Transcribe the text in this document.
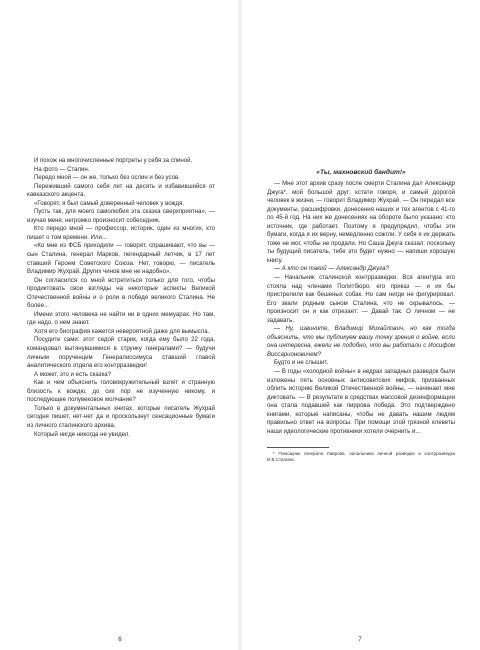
И похож на многочисленные портреты у себя за спиной.

На фото — Сталин.

Передо мной — он же, только без ослин и без усов.

Переживший самого себя лет на десять и избавившийся от кавказского акцента.

«Говорят, я был самый доверенный человек у вождя.

Пусть так, для моего самолюбия эта сказка сверхприятна», — изучая меня, негромко произносит собеседник.

Кто передо мной — профессор, историк, один из многих, кто пишет о том времени. Или...

«Ко мне из ФСБ приходили — говорят, спрашивают, что вы — сын Сталина, генерал Марков, легендарный летчик, в 17 лет ставший Героем Советского Союза. Нет, говорю, — писатель Владимир Жухрай. Других чинов мне не надобно».

Он согласился со мной встретиться только для того, чтобы продиктовать свои взгляды на некоторые аспекты Великой Отечественной войны и о роли в победе великого Сталина. Не более...

Имени этого человека не найти ни в одних мемуарах. Но там, где надо, о нем знают.

Хотя его биография кажется невероятной даже для вымысла.

Посудите сами: этот седой старик, когда ему было 22 года, командовал вытянувшимися в струнку генералами? — будучи личным порученцем Генералиссимуса ставший главой аналитического отдела его контрразведки!

А может, это и есть сказка?

Как и чем объяснить головокружительный взлет и странную близость к вождю, до сих пор не изученную никому, и последующее полувековое молчание?

Только в документальных книгах, которые писатель Жухрай сегодня пишет, нет-нет да и проскользнут сенсационные бумаги из личного сталинского архива.

Который нигде никогда не увидел.

6

«Ты, махновский бандит!»

— Мне этот архив сразу после смерти Сталина дал Александр Джуга*, мой большой друг; кстати говоря, и самый дорогой человек в жизни, — говорит Владимир Жухрай. — Он передал все документы, расшифровки, донесения наших и тех агентов с 41-го по 45-й год. На них же донесениях на обороте было указано: кто источник, где работает. Поэтому я предупредил, чтобы эти бумаги, когда я их верну, немедленно сожгли. У себя я их держать тоже не мог, чтобы не продали. Но Саша Джуга сказал: поскольку ты будущий писатель, тебе это будет нужно — напиши хорошую книгу.

— А кто он такой — Александр Джуга?

— Начальник сталинской контрразведки. Вся агентура его стояла над членами Политбюро: его приказ — и их бы пристрелили как бешеных собак. Но сам нигде не фигурировал. Его звали родным сыном Сталина, что не скрывалось, — произносит он и как отрезает: — Давай так. О личном — не задавать.

— Ну, извините, Владимир Михайлович, но как тогда объяснить, что мы публикуем вашу точку зрения о войне, если она интересна, ежели не подобно, что вы работали с Иосифом Виссарионовичем?

Будто и не слышит.

— В годы «холодной войны» в недрах западных разведок были изложены пять основных антисоветских мифов, призванных облить историю Великой Отечественной войны, — начинает мне диктовать. — В результате в средствах массовой дезинформации она стала подавшей как пиррова победа. Это подтверждено книгами, которые написаны, чтобы не давать нашим людям правильно ответ на вопросы. При помощи этой грязной клеветы наши идеологические противники хотели очернить и...

* Помощник генерала Лаврова, начальника личной разведки и контрразведки И.В.Сталина.

7
